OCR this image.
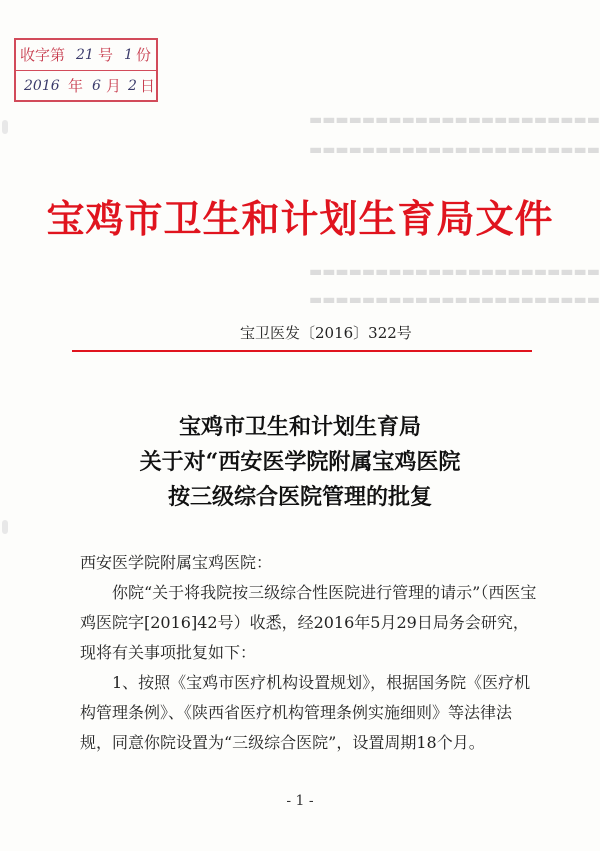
收字第 21 号 1 份
2016 年 6 月 2 日
▬▬▬▬▬▬▬▬▬▬▬▬▬▬▬▬▬▬▬▬▬▬
▬▬▬▬▬▬▬▬▬▬▬▬▬▬▬▬▬▬▬▬▬▬
▬▬▬▬▬▬▬▬▬▬▬▬▬▬▬▬▬▬▬▬▬▬
▬▬▬▬▬▬▬▬▬▬▬▬▬▬▬▬▬▬▬▬▬▬
宝鸡市卫生和计划生育局文件
宝卫医发〔2016〕322号
宝鸡市卫生和计划生育局
关于对“西安医学院附属宝鸡医院
按三级综合医院管理的批复
西安医学院附属宝鸡医院：
你院“关于将我院按三级综合性医院进行管理的请示”（西医宝鸡医院字[2016]42号）收悉，经2016年5月29日局务会研究，现将有关事项批复如下：
1、按照《宝鸡市医疗机构设置规划》，根据国务院《医疗机构管理条例》、《陕西省医疗机构管理条例实施细则》等法律法规，同意你院设置为“三级综合医院”，设置周期18个月。
- 1 -
